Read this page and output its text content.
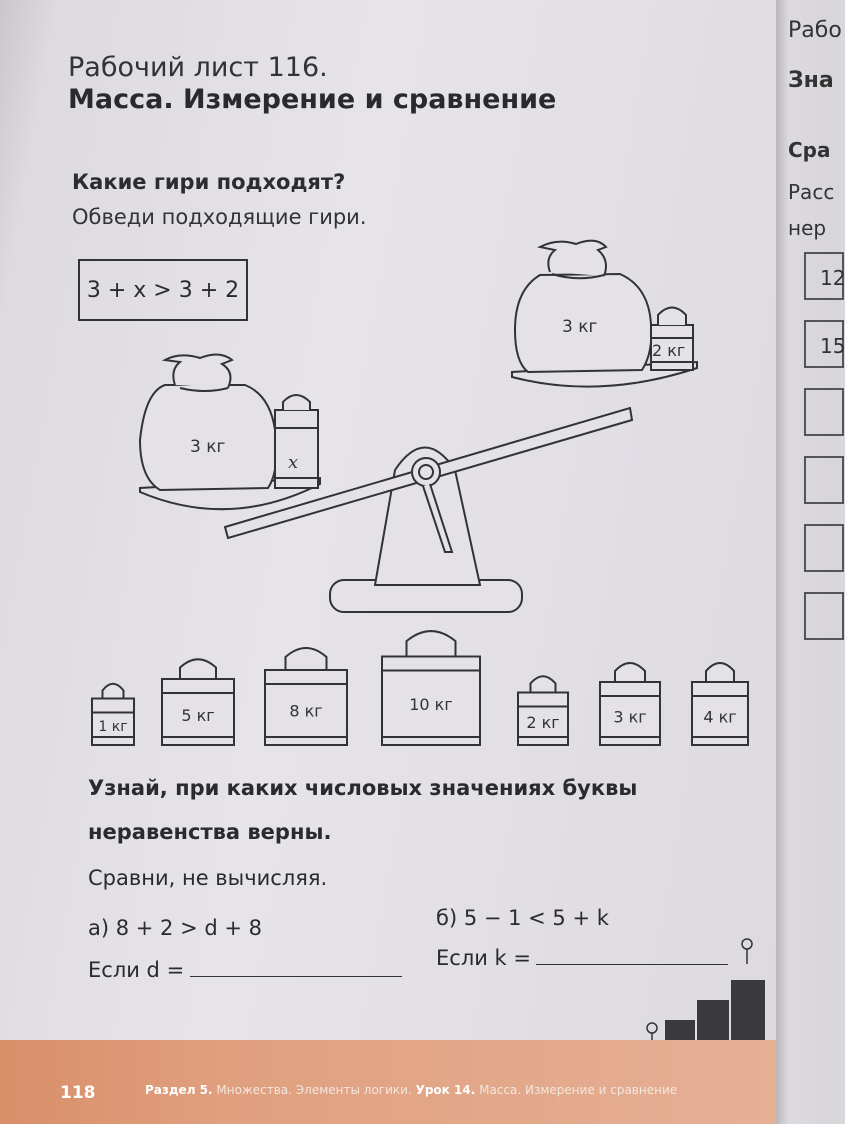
Рабочий лист 116.
Масса. Измерение и сравнение
Какие гири подходят?
Обведи подходящие гири.
3 + x > 3 + 2
3 кг
x
3 кг
2 кг
1 кг
5 кг	8 кг	10 кг
2 кг	3 кг	4 кг
Узнай, при каких числовых значениях буквы
неравенства верны.
Сравни, не вычисляя.
а) 8 + 2 > d + 8
Если d =
б) 5 − 1 < 5 + k
Если k =
118	Раздел 5. Множества. Элементы логики. Урок 14. Масса. Измерение и сравнение
Рабо
Зна
Сра
Расс
нер
12
15
